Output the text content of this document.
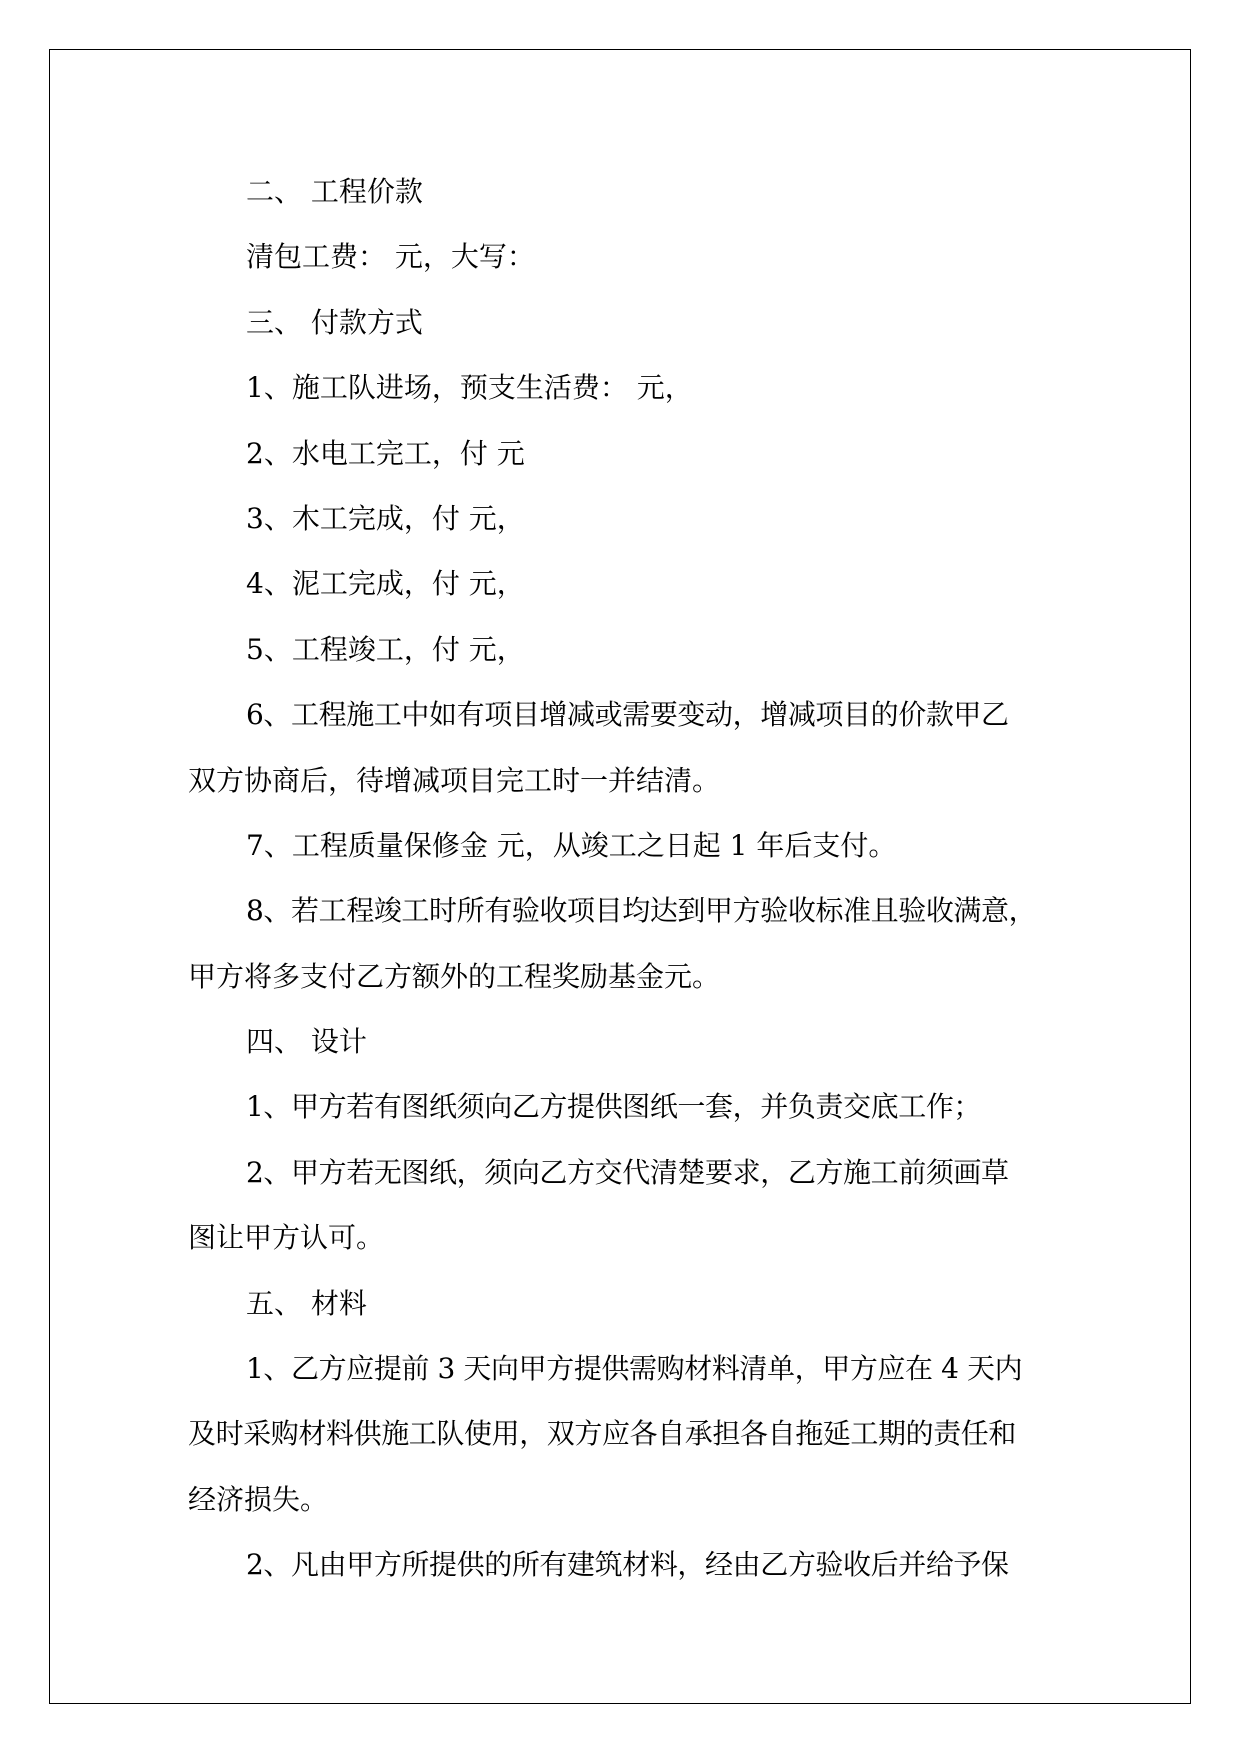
二、 工程价款
清包工费： 元，大写：
三、 付款方式
1、施工队进场，预支生活费： 元，
2、水电工完工，付 元
3、木工完成，付 元，
4、泥工完成，付 元，
5、工程竣工，付 元，
6、工程施工中如有项目增减或需要变动，增减项目的价款甲乙
双方协商后，待增减项目完工时一并结清。
7、工程质量保修金 元，从竣工之日起 1 年后支付。
8、若工程竣工时所有验收项目均达到甲方验收标准且验收满意，
甲方将多支付乙方额外的工程奖励基金元。
四、 设计
1、甲方若有图纸须向乙方提供图纸一套，并负责交底工作；
2、甲方若无图纸，须向乙方交代清楚要求，乙方施工前须画草
图让甲方认可。
五、 材料
1、乙方应提前 3 天向甲方提供需购材料清单，甲方应在 4 天内
及时采购材料供施工队使用，双方应各自承担各自拖延工期的责任和
经济损失。
2、凡由甲方所提供的所有建筑材料，经由乙方验收后并给予保
